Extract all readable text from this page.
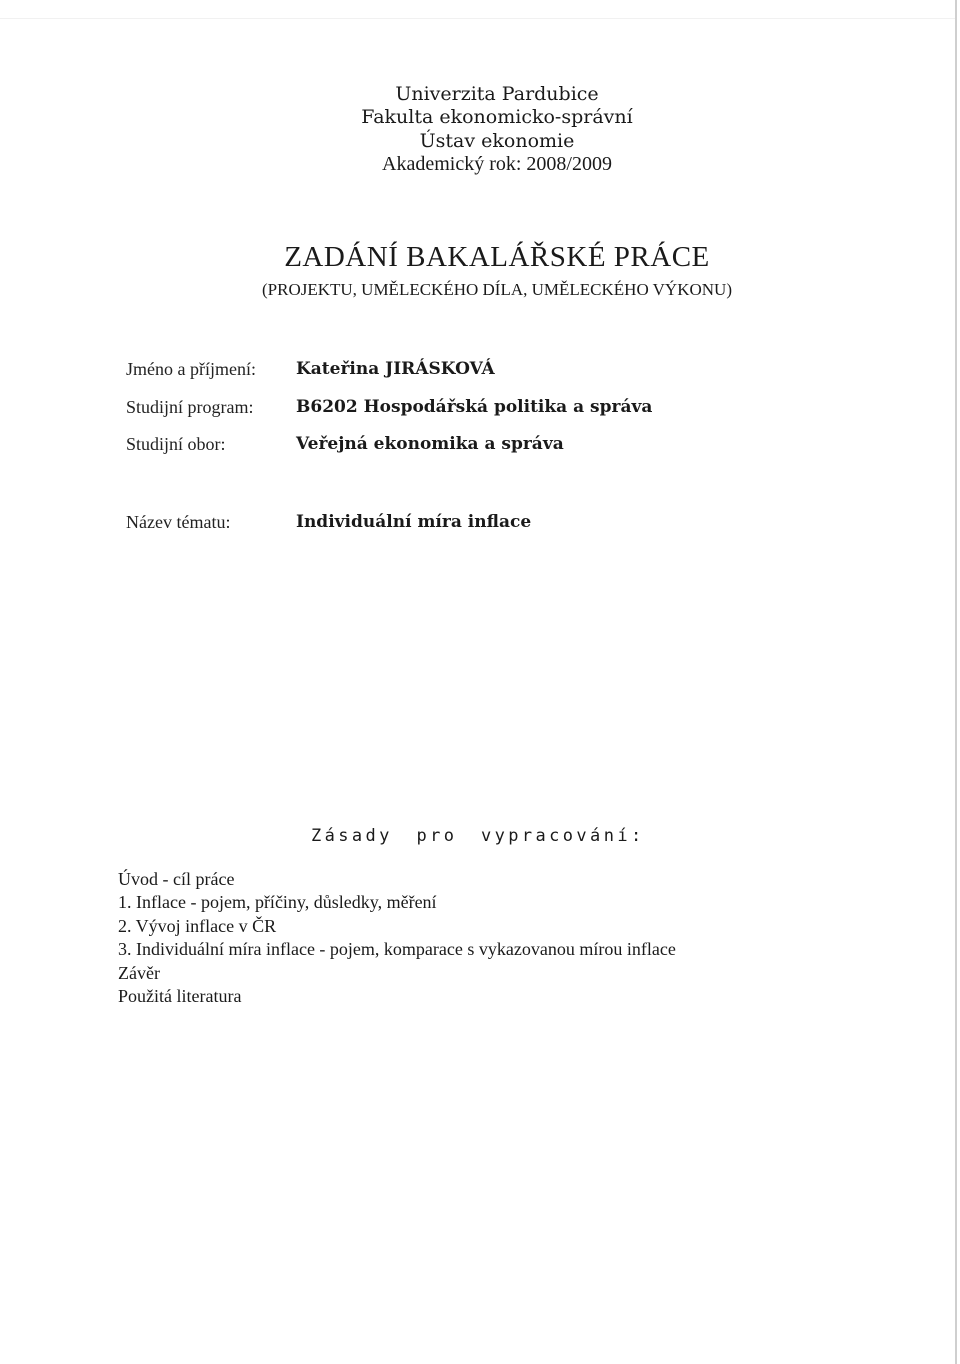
Univerzita Pardubice
Fakulta ekonomicko-správní
Ústav ekonomie
Akademický rok: 2008/2009
ZADÁNÍ BAKALÁŘSKÉ PRÁCE
(PROJEKTU, UMĚLECKÉHO DÍLA, UMĚLECKÉHO VÝKONU)
Jméno a příjmení: Kateřina JIRÁSKOVÁ
Studijní program:	B6202 Hospodářská politika a správa
Studijní obor:	Veřejná ekonomika a správa
Název tématu:	Individuální míra inflace
Zásady pro vypracování:
Úvod - cíl práce
1. Inflace - pojem, příčiny, důsledky, měření
2. Vývoj inflace v ČR
3. Individuální míra inflace - pojem, komparace s vykazovanou mírou inflace
Závěr
Použitá literatura
